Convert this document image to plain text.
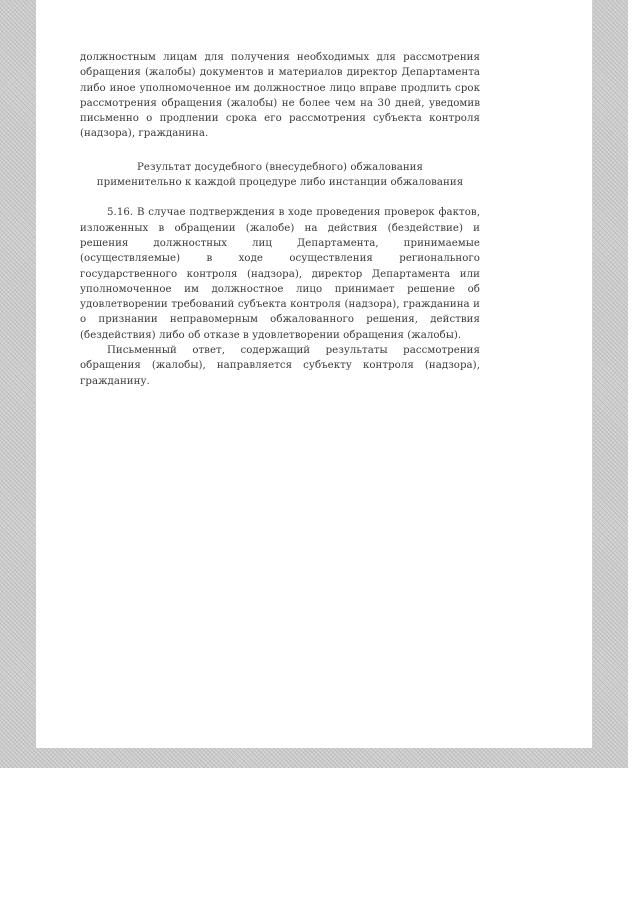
должностным лицам для получения необходимых для рассмотрения обращения (жалобы) документов и материалов директор Департамента либо иное уполномоченное им должностное лицо вправе продлить срок рассмотрения обращения (жалобы) не более чем на 30 дней, уведомив письменно о продлении срока его рассмотрения субъекта контроля (надзора), гражданина.

Результат досудебного (внесудебного) обжалования
применительно к каждой процедуре либо инстанции обжалования

5.16. В случае подтверждения в ходе проведения проверок фактов, изложенных в обращении (жалобе) на действия (бездействие) и решения должностных лиц Департамента, принимаемые (осуществляемые) в ходе осуществления регионального государственного контроля (надзора), директор Департамента или уполномоченное им должностное лицо принимает решение об удовлетворении требований субъекта контроля (надзора), гражданина и о признании неправомерным обжалованного решения, действия (бездействия) либо об отказе в удовлетворении обращения (жалобы).

Письменный ответ, содержащий результаты рассмотрения обращения (жалобы), направляется субъекту контроля (надзора), гражданину.
